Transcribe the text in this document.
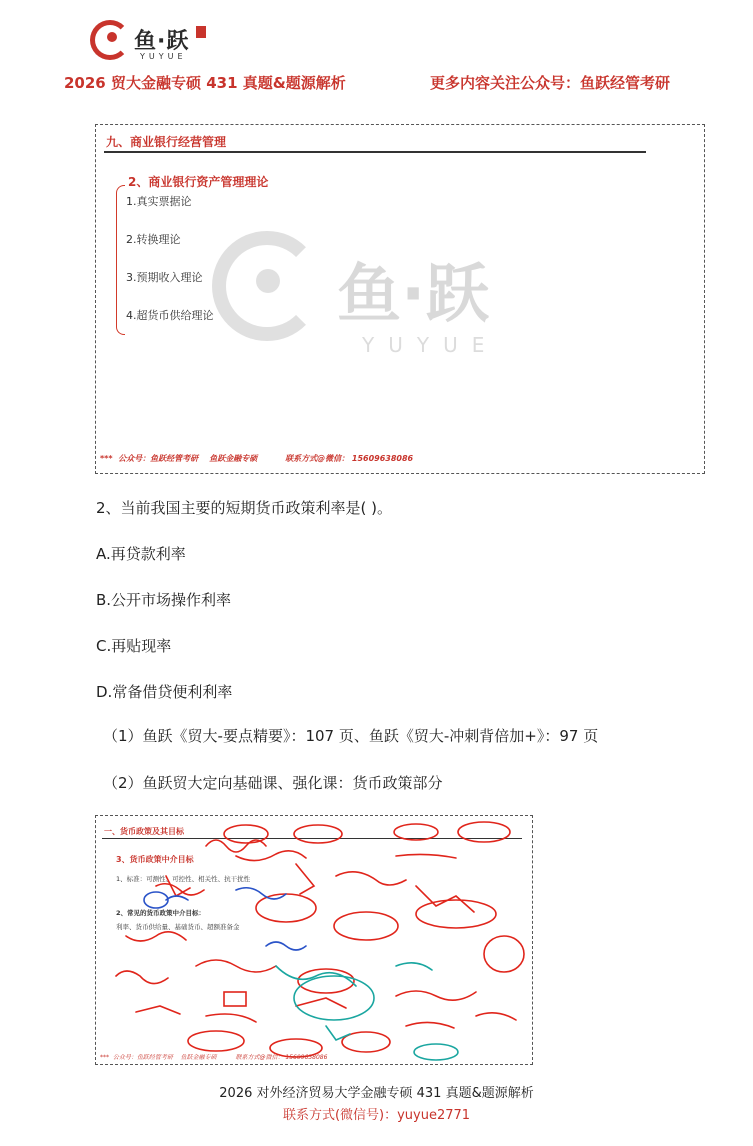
鱼·跃
YUYUE
2026 贸大金融专硕 431 真题&题源解析	更多内容关注公众号：鱼跃经管考研
九、商业银行经营管理
2、商业银行资产管理理论
1.真实票据论
2.转换理论
3.预期收入理论
4.超货币供给理论 鱼·跃
YUYUE
***  公众号：鱼跃经管考研    鱼跃金融专硕          联系方式@微信： 15609638086
2、当前我国主要的短期货币政策利率是( )。
A.再贷款利率
B.公开市场操作利率
C.再贴现率
D.常备借贷便利利率
（1）鱼跃《贸大-要点精要》：107 页、鱼跃《贸大-冲刺背倍加+》：97 页
（2）鱼跃贸大定向基础课、强化课：货币政策部分
一、货币政策及其目标
3、货币政策中介目标
1、标准：可测性、可控性、相关性、抗干扰性
2、常见的货币政策中介目标：
利率、货币供给量、基础货币、超额准备金
***  公众号：鱼跃经管考研    鱼跃金融专硕          联系方式@微信： 15609638086
2026 对外经济贸易大学金融专硕 431 真题&题源解析
联系方式(微信号)：yuyue2771
